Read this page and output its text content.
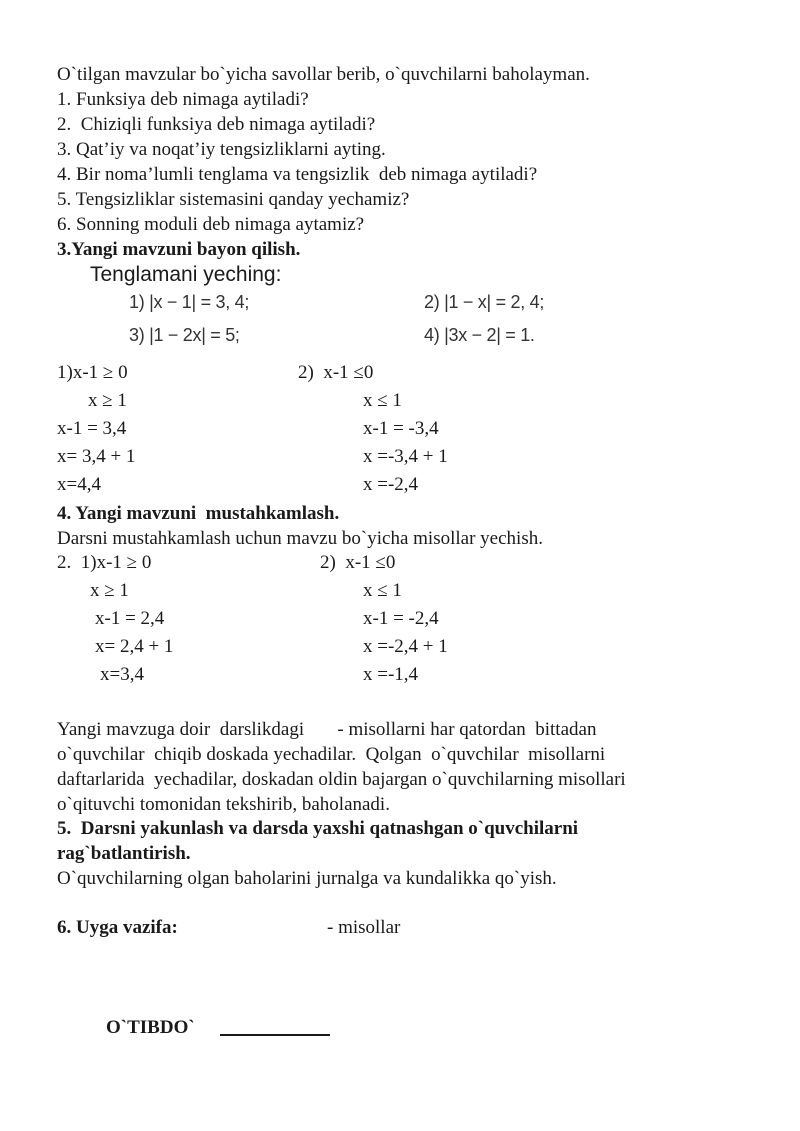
O`tilgan mavzular bo`yicha savollar berib, o`quvchilarni baholayman.
1. Funksiya deb nimaga aytiladi?
2.  Chiziqli funksiya deb nimaga aytiladi?
3. Qat’iy va noqat’iy tengsizliklarni ayting.
4. Bir noma’lumli tenglama va tengsizlik  deb nimaga aytiladi?
5. Tengsizliklar sistemasini qanday yechamiz?
6. Sonning moduli deb nimaga aytamiz?
3.Yangi mavzuni bayon qilish.
Tenglamani yeching:
1) |x − 1| = 3, 4;	2) |1 − x| = 2, 4;
3) |1 − 2x| = 5;	4) |3x − 2| = 1.
1)x-1 ≥ 0	2)  x-1 ≤0
x ≥ 1	x ≤ 1
x-1 = 3,4	x-1 = -3,4
x= 3,4 + 1	x =-3,4 + 1
x=4,4	x =-2,4
4. Yangi mavzuni  mustahkamlash.
Darsni mustahkamlash uchun mavzu bo`yicha misollar yechish.
2.  1)x-1 ≥ 0	2)  x-1 ≤0
x ≥ 1	x ≤ 1
x-1 = 2,4	x-1 = -2,4
x= 2,4 + 1	x =-2,4 + 1
x=3,4	x =-1,4
Yangi mavzuga doir  darslikdagi       - misollarni har qatordan  bittadan
o`quvchilar  chiqib doskada yechadilar.  Qolgan  o`quvchilar  misollarni
daftarlarida  yechadilar, doskadan oldin bajargan o`quvchilarning misollari
o`qituvchi tomonidan tekshirib, baholanadi.
5.  Darsni yakunlash va darsda yaxshi qatnashgan o`quvchilarni
rag`batlantirish.
O`quvchilarning olgan baholarini jurnalga va kundalikka qo`yish.
6. Uyga vazifa:	- misollar
O`TIBDO`
